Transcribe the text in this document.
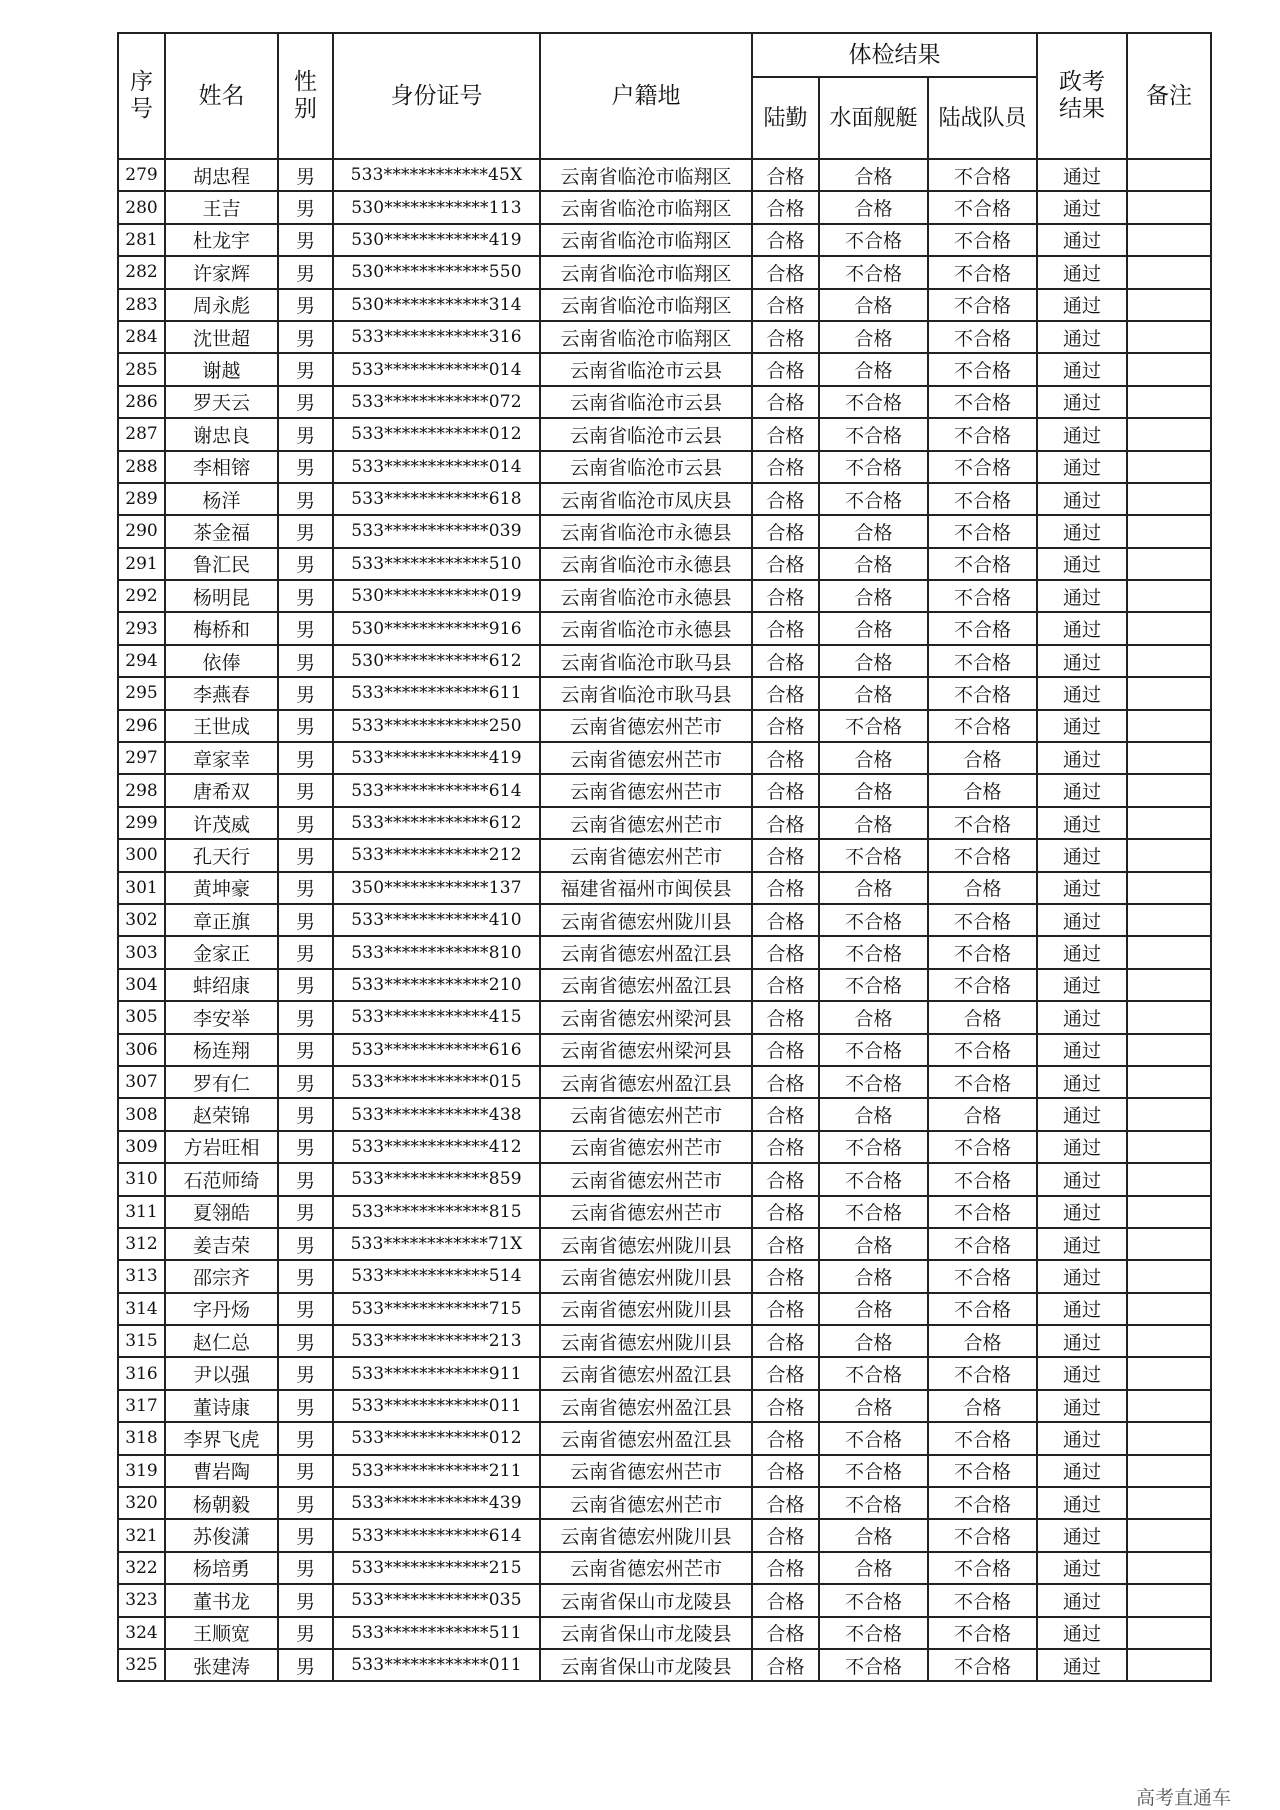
序号	姓名	性别	身份证号	户籍地	体检结果			政考结果	备注
					陆勤	水面舰艇	陆战队员		
279	胡忠程	男	533************45X	云南省临沧市临翔区	合格	合格	不合格	通过	
280	王吉	男	530************113	云南省临沧市临翔区	合格	合格	不合格	通过	
281	杜龙宇	男	530************419	云南省临沧市临翔区	合格	不合格	不合格	通过	
282	许家辉	男	530************550	云南省临沧市临翔区	合格	不合格	不合格	通过	
283	周永彪	男	530************314	云南省临沧市临翔区	合格	合格	不合格	通过	
284	沈世超	男	533************316	云南省临沧市临翔区	合格	合格	不合格	通过	
285	谢越	男	533************014	云南省临沧市云县	合格	合格	不合格	通过	
286	罗天云	男	533************072	云南省临沧市云县	合格	不合格	不合格	通过	
287	谢忠良	男	533************012	云南省临沧市云县	合格	不合格	不合格	通过	
288	李相镕	男	533************014	云南省临沧市云县	合格	不合格	不合格	通过	
289	杨洋	男	533************618	云南省临沧市凤庆县	合格	不合格	不合格	通过	
290	茶金福	男	533************039	云南省临沧市永德县	合格	合格	不合格	通过	
291	鲁汇民	男	533************510	云南省临沧市永德县	合格	合格	不合格	通过	
292	杨明昆	男	530************019	云南省临沧市永德县	合格	合格	不合格	通过	
293	梅桥和	男	530************916	云南省临沧市永德县	合格	合格	不合格	通过	
294	依俸	男	530************612	云南省临沧市耿马县	合格	合格	不合格	通过	
295	李燕春	男	533************611	云南省临沧市耿马县	合格	合格	不合格	通过	
296	王世成	男	533************250	云南省德宏州芒市	合格	不合格	不合格	通过	
297	章家幸	男	533************419	云南省德宏州芒市	合格	合格	合格	通过	
298	唐希双	男	533************614	云南省德宏州芒市	合格	合格	合格	通过	
299	许茂威	男	533************612	云南省德宏州芒市	合格	合格	不合格	通过	
300	孔天行	男	533************212	云南省德宏州芒市	合格	不合格	不合格	通过	
301	黄坤豪	男	350************137	福建省福州市闽侯县	合格	合格	合格	通过	
302	章正旗	男	533************410	云南省德宏州陇川县	合格	不合格	不合格	通过	
303	金家正	男	533************810	云南省德宏州盈江县	合格	不合格	不合格	通过	
304	蚌绍康	男	533************210	云南省德宏州盈江县	合格	不合格	不合格	通过	
305	李安举	男	533************415	云南省德宏州梁河县	合格	合格	合格	通过	
306	杨连翔	男	533************616	云南省德宏州梁河县	合格	不合格	不合格	通过	
307	罗有仁	男	533************015	云南省德宏州盈江县	合格	不合格	不合格	通过	
308	赵荣锦	男	533************438	云南省德宏州芒市	合格	合格	合格	通过	
309	方岩旺相	男	533************412	云南省德宏州芒市	合格	不合格	不合格	通过	
310	石范师绮	男	533************859	云南省德宏州芒市	合格	不合格	不合格	通过	
311	夏翎皓	男	533************815	云南省德宏州芒市	合格	不合格	不合格	通过	
312	姜吉荣	男	533************71X	云南省德宏州陇川县	合格	合格	不合格	通过	
313	邵宗齐	男	533************514	云南省德宏州陇川县	合格	合格	不合格	通过	
314	字丹炀	男	533************715	云南省德宏州陇川县	合格	合格	不合格	通过	
315	赵仁总	男	533************213	云南省德宏州陇川县	合格	合格	合格	通过	
316	尹以强	男	533************911	云南省德宏州盈江县	合格	不合格	不合格	通过	
317	董诗康	男	533************011	云南省德宏州盈江县	合格	合格	合格	通过	
318	李界飞虎	男	533************012	云南省德宏州盈江县	合格	不合格	不合格	通过	
319	曹岩陶	男	533************211	云南省德宏州芒市	合格	不合格	不合格	通过	
320	杨朝毅	男	533************439	云南省德宏州芒市	合格	不合格	不合格	通过	
321	苏俊潇	男	533************614	云南省德宏州陇川县	合格	合格	不合格	通过	
322	杨培勇	男	533************215	云南省德宏州芒市	合格	合格	不合格	通过	
323	董书龙	男	533************035	云南省保山市龙陵县	合格	不合格	不合格	通过	
324	王顺宽	男	533************511	云南省保山市龙陵县	合格	不合格	不合格	通过	
325	张建涛	男	533************011	云南省保山市龙陵县	合格	不合格	不合格	通过	
高考直通车
